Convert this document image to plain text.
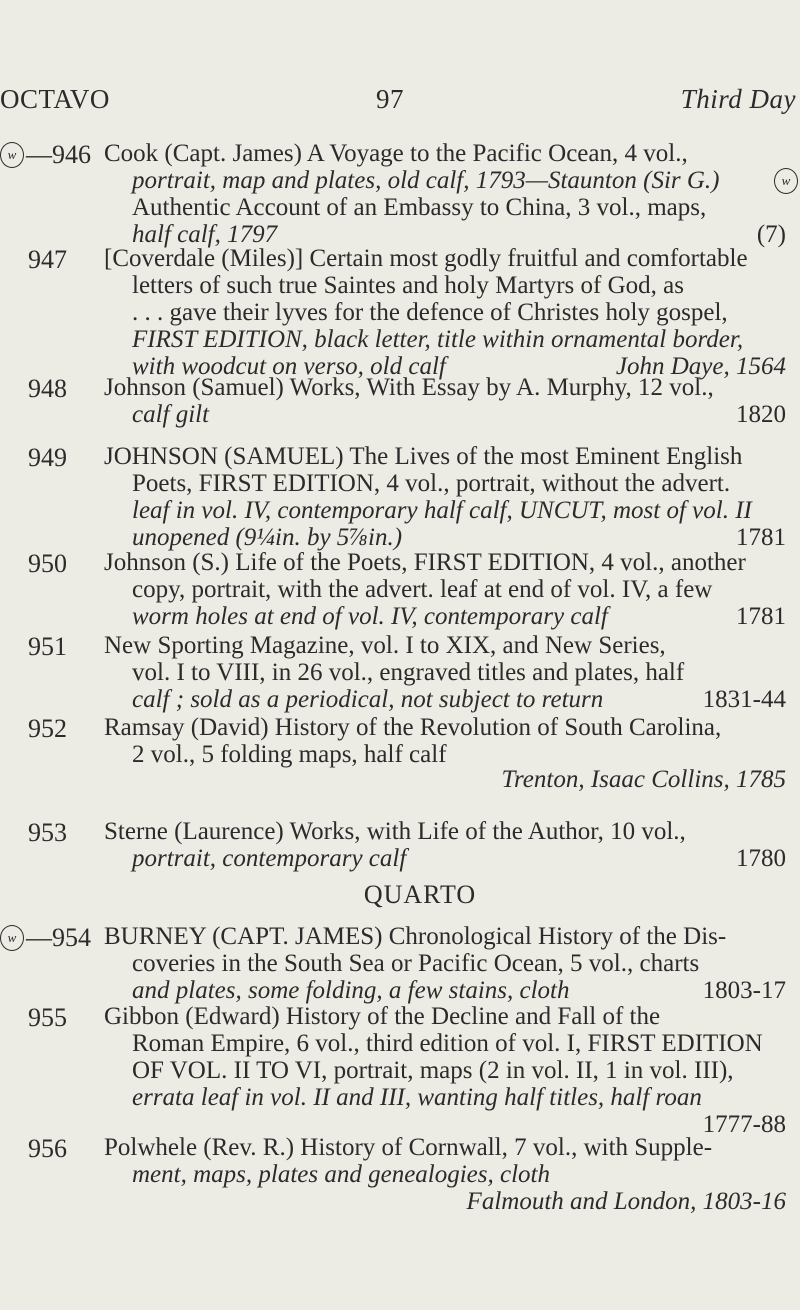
OCTAVO	97	Third Day
w — 946 Cook (Capt. James) A Voyage to the Pacific Ocean, 4 vol.,
portrait, map and plates, old calf, 1793—Staunton (Sir G.)
Authentic Account of an Embassy to China, 3 vol., maps,
half calf, 1797	(7)
w
947	[Coverdale (Miles)] Certain most godly fruitful and comfortable
letters of such true Saintes and holy Martyrs of God, as
. . . gave their lyves for the defence of Christes holy gospel,
FIRST EDITION, black letter, title within ornamental border,
with woodcut on verso, old calf	John Daye, 1564
948	Johnson (Samuel) Works, With Essay by A. Murphy, 12 vol.,
calf gilt	1820
949	JOHNSON (SAMUEL) The Lives of the most Eminent English
Poets, FIRST EDITION, 4 vol., portrait, without the advert.
leaf in vol. IV, contemporary half calf, UNCUT, most of vol. II
unopened (9¼in. by 5⅞in.)	1781
950	Johnson (S.) Life of the Poets, FIRST EDITION, 4 vol., another
copy, portrait, with the advert. leaf at end of vol. IV, a few
worm holes at end of vol. IV, contemporary calf	1781
951	New Sporting Magazine, vol. I to XIX, and New Series,
vol. I to VIII, in 26 vol., engraved titles and plates, half
calf ; sold as a periodical, not subject to return	1831-44
952	Ramsay (David) History of the Revolution of South Carolina,
2 vol., 5 folding maps, half calf
Trenton, Isaac Collins, 1785
953	Sterne (Laurence) Works, with Life of the Author, 10 vol.,
portrait, contemporary calf	1780
QUARTO
w — 954 BURNEY (CAPT. JAMES) Chronological History of the Dis-
coveries in the South Sea or Pacific Ocean, 5 vol., charts
and plates, some folding, a few stains, cloth	1803-17
955	Gibbon (Edward) History of the Decline and Fall of the
Roman Empire, 6 vol., third edition of vol. I, FIRST EDITION
OF VOL. II TO VI, portrait, maps (2 in vol. II, 1 in vol. III),
errata leaf in vol. II and III, wanting half titles, half roan
1777-88
956	Polwhele (Rev. R.) History of Cornwall, 7 vol., with Supple-
ment, maps, plates and genealogies, cloth
Falmouth and London, 1803-16
